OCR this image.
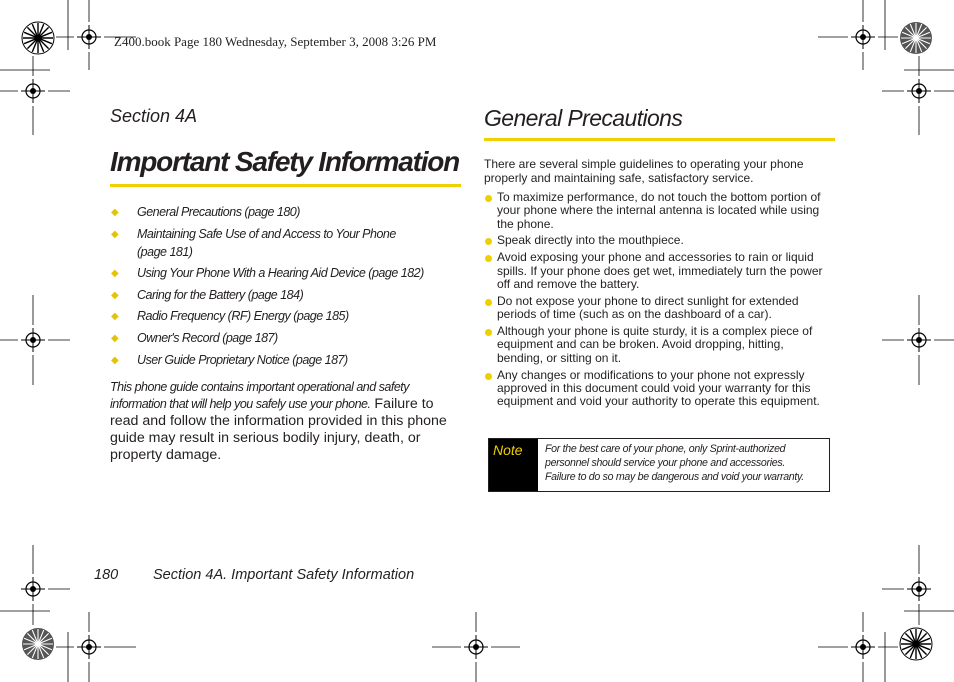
Z400.book Page 180 Wednesday, September 3, 2008 3:26 PM
Section 4A
Important Safety Information
◆ General Precautions (page 180)
◆ Maintaining Safe Use of and Access to Your Phone (page 181)
◆ Using Your Phone With a Hearing Aid Device (page 182)
◆ Caring for the Battery (page 184)
◆ Radio Frequency (RF) Energy (page 185)
◆ Owner's Record (page 187)
◆ User Guide Proprietary Notice (page 187)
This phone guide contains important operational and safety information that will help you safely use your phone. Failure to read and follow the information provided in this phone guide may result in serious bodily injury, death, or property damage.
General Precautions
There are several simple guidelines to operating your phone properly and maintaining safe, satisfactory service.
To maximize performance, do not touch the bottom portion of your phone where the internal antenna is located while using the phone.
Speak directly into the mouthpiece.
Avoid exposing your phone and accessories to rain or liquid spills. If your phone does get wet, immediately turn the power off and remove the battery.
Do not expose your phone to direct sunlight for extended periods of time (such as on the dashboard of a car).
Although your phone is quite sturdy, it is a complex piece of equipment and can be broken. Avoid dropping, hitting, bending, or sitting on it.
Any changes or modifications to your phone not expressly approved in this document could void your warranty for this equipment and void your authority to operate this equipment.
Note	For the best care of your phone, only Sprint-authorized
personnel should service your phone and accessories.
Failure to do so may be dangerous and void your warranty.
180 Section 4A. Important Safety Information
